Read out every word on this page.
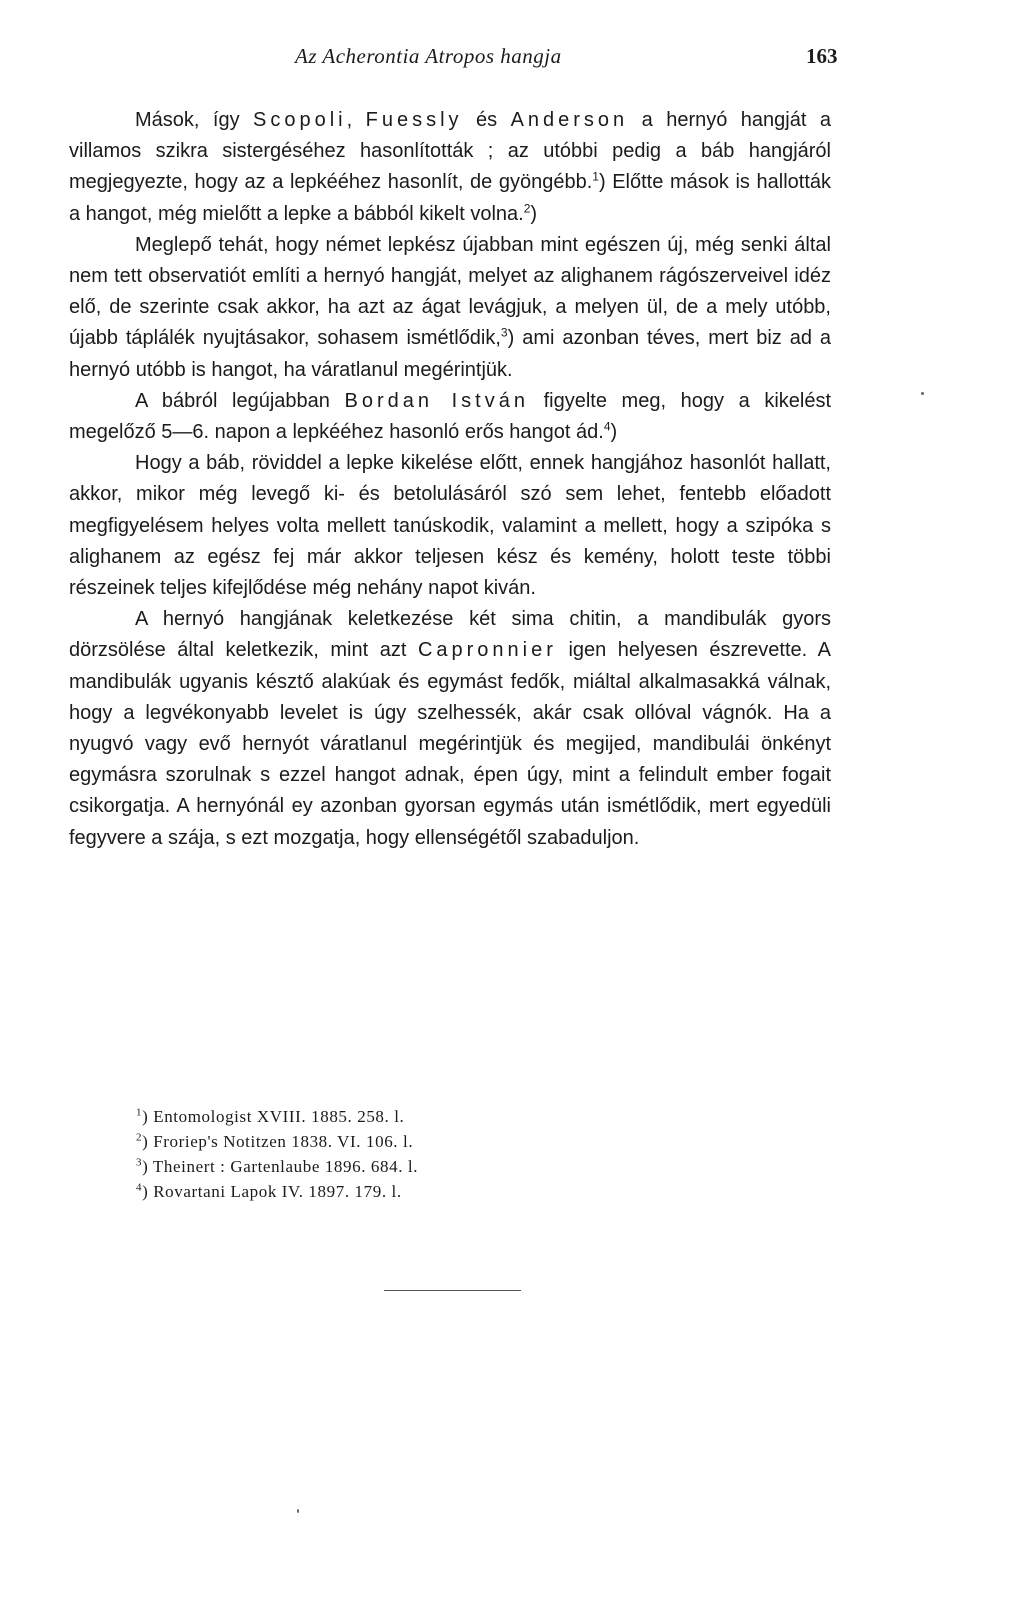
Az Acherontia Atropos hangja	163

Mások, így Scopoli, Fuessly és Anderson a hernyó hangját a villamos szikra sistergéséhez hasonlították ; az utóbbi pedig a báb hangjáról megjegyezte, hogy az a lepkééhez hasonlít, de gyöngébb.$^1$) Előtte mások is hallották a hangot, még mielőtt a lepke a bábból kikelt volna.$^2$)

Meglepő tehát, hogy német lepkész újabban mint egészen új, még senki által nem tett observatiót említi a hernyó hangját, melyet az alighanem rágószerveivel idéz elő, de szerinte csak akkor, ha azt az ágat levágjuk, a melyen ül, de a mely utóbb, újabb táplálék nyujtásakor, sohasem ismétlődik,$^3$) ami azonban téves, mert biz ad a hernyó utóbb is hangot, ha váratlanul megérintjük.

A bábról legújabban Bordan István figyelte meg, hogy a kikelést megelőző 5—6. napon a lepkééhez hasonló erős hangot ád.$^4$)

Hogy a báb, röviddel a lepke kikelése előtt, ennek hangjához hasonlót hallatt, akkor, mikor még levegő ki- és betolulásáról szó sem lehet, fentebb előadott megfigyelésem helyes volta mellett tanúskodik, valamint a mellett, hogy a szipóka s alighanem az egész fej már akkor teljesen kész és kemény, holott teste többi részeinek teljes kifejlődése még nehány napot kiván.

A hernyó hangjának keletkezése két sima chitin, a mandibulák gyors dörzsölése által keletkezik, mint azt Capronnier igen helyesen észrevette. A mandibulák ugyanis késztő alakúak és egymást fedők, miáltal alkalmasakká válnak, hogy a legvékonyabb levelet is úgy szelhessék, akár csak ollóval vágnók. Ha a nyugvó vagy evő hernyót váratlanul megérintjük és megijed, mandibulái önkényt egymásra szorulnak s ezzel hangot adnak, épen úgy, mint a felindult ember fogait csikorgatja. A hernyónál ey azonban gyorsan egymás után ismétlődik, mert egyedüli fegyvere a szája, s ezt mozgatja, hogy ellenségétől szabaduljon.

$^1$) Entomologist XVIII. 1885. 258. l.

$^2$) Froriep's Notitzen 1838. VI. 106. l.

$^3$) Theinert : Gartenlaube 1896. 684. l.

$^4$) Rovartani Lapok IV. 1897. 179. l.
